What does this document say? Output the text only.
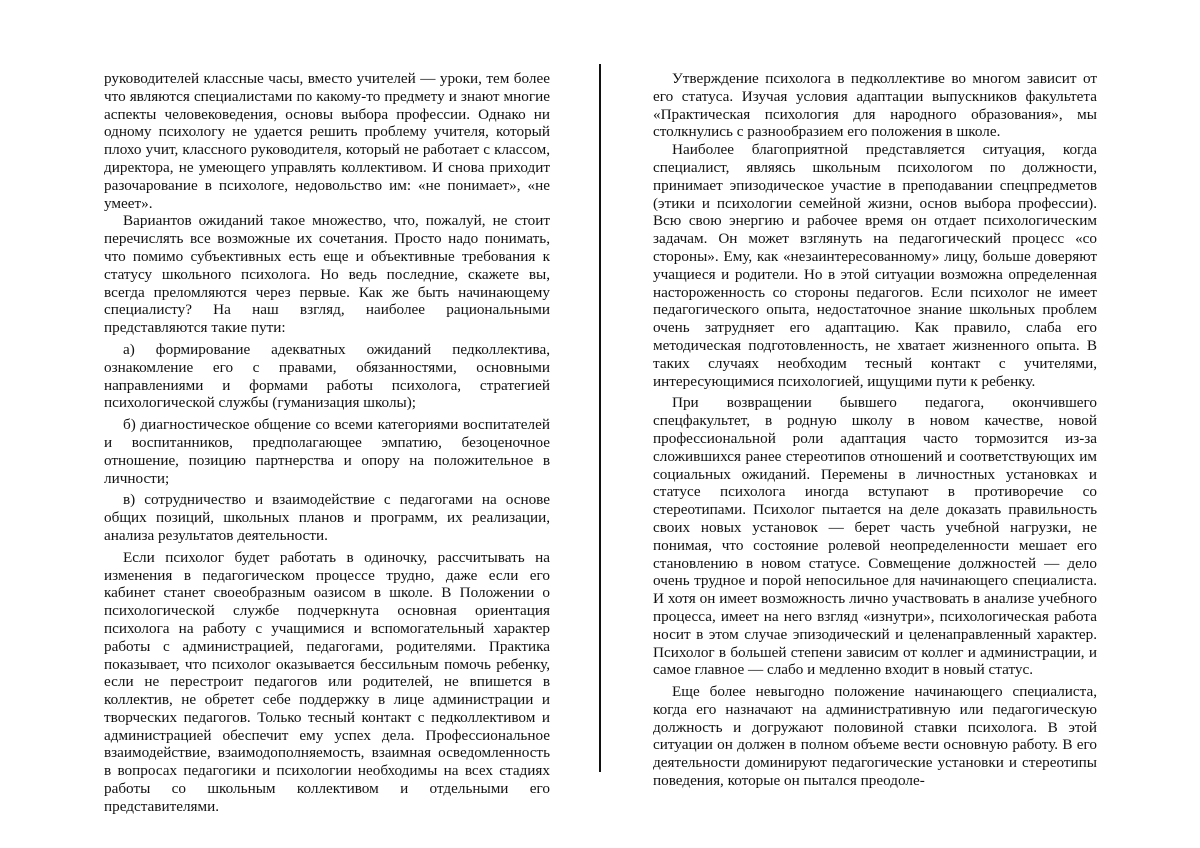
руководителей классные часы, вместо учителей — уроки, тем более что являются специалистами по какому-то предмету и знают многие аспекты человековедения, основы выбора профессии. Однако ни одному психологу не удается решить проблему учителя, который плохо учит, классного руководителя, который не работает с классом, директора, не умеющего управлять коллективом. И снова приходит разочарование в психологе, недовольство им: «не понимает», «не умеет».

Вариантов ожиданий такое множество, что, пожалуй, не стоит перечислять все возможные их сочетания. Просто надо понимать, что помимо субъективных есть еще и объективные требования к статусу школьного психолога. Но ведь последние, скажете вы, всегда преломляются через первые. Как же быть начинающему специалисту? На наш взгляд, наиболее рациональными представляются такие пути:

а) формирование адекватных ожиданий педколлектива, ознакомление его с правами, обязанностями, основными направлениями и формами работы психолога, стратегией психологической службы (гуманизация школы);

б) диагностическое общение со всеми категориями воспитателей и воспитанников, предполагающее эмпатию, безоценочное отношение, позицию партнерства и опору на положительное в личности;

в) сотрудничество и взаимодействие с педагогами на основе общих позиций, школьных планов и программ, их реализации, анализа результатов деятельности.

Если психолог будет работать в одиночку, рассчитывать на изменения в педагогическом процессе трудно, даже если его кабинет станет своеобразным оазисом в школе. В Положении о психологической службе подчеркнута основная ориентация психолога на работу с учащимися и вспомогательный характер работы с администрацией, педагогами, родителями. Практика показывает, что психолог оказывается бессильным помочь ребенку, если не перестроит педагогов или родителей, не впишется в коллектив, не обретет себе поддержку в лице администрации и творческих педагогов. Только тесный контакт с педколлективом и администрацией обеспечит ему успех дела. Профессиональное взаимодействие, взаимодополняемость, взаимная осведомленность в вопросах педагогики и психологии необходимы на всех стадиях работы со школьным коллективом и отдельными его представителями.

Утверждение психолога в педколлективе во многом зависит от его статуса. Изучая условия адаптации выпускников факультета «Практическая психология для народного образования», мы столкнулись с разнообразием его положения в школе.

Наиболее благоприятной представляется ситуация, когда специалист, являясь школьным психологом по должности, принимает эпизодическое участие в преподавании спецпредметов (этики и психологии семейной жизни, основ выбора профессии). Всю свою энергию и рабочее время он отдает психологическим задачам. Он может взглянуть на педагогический процесс «со стороны». Ему, как «незаинтересованному» лицу, больше доверяют учащиеся и родители. Но в этой ситуации возможна определенная настороженность со стороны педагогов. Если психолог не имеет педагогического опыта, недостаточное знание школьных проблем очень затрудняет его адаптацию. Как правило, слаба его методическая подготовленность, не хватает жизненного опыта. В таких случаях необходим тесный контакт с учителями, интересующимися психологией, ищущими пути к ребенку.

При возвращении бывшего педагога, окончившего спецфакультет, в родную школу в новом качестве, новой профессиональной роли адаптация часто тормозится из-за сложившихся ранее стереотипов отношений и соответствующих им социальных ожиданий. Перемены в личностных установках и статусе психолога иногда вступают в противоречие со стереотипами. Психолог пытается на деле доказать правильность своих новых установок — берет часть учебной нагрузки, не понимая, что состояние ролевой неопределенности мешает его становлению в новом статусе. Совмещение должностей — дело очень трудное и порой непосильное для начинающего специалиста. И хотя он имеет возможность лично участвовать в анализе учебного процесса, имеет на него взгляд «изнутри», психологическая работа носит в этом случае эпизодический и целенаправленный характер. Психолог в большей степени зависим от коллег и администрации, и самое главное — слабо и медленно входит в новый статус.

Еще более невыгодно положение начинающего специалиста, когда его назначают на административную или педагогическую должность и догружают половиной ставки психолога. В этой ситуации он должен в полном объеме вести основную работу. В его деятельности доминируют педагогические установки и стереотипы поведения, которые он пытался преодоле-
